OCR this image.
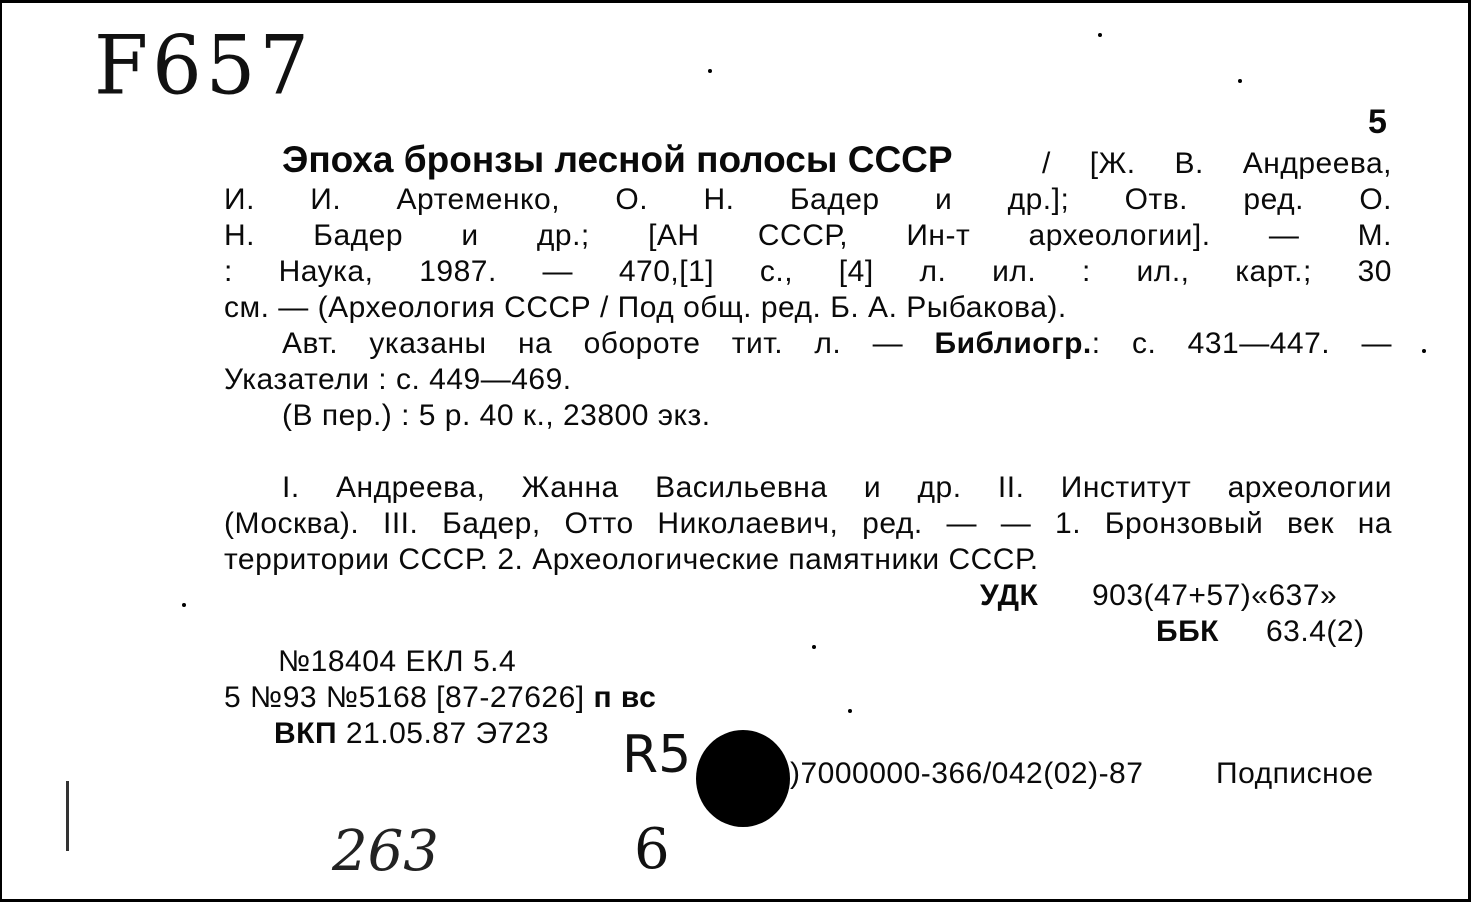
F657
5
Эпоха бронзы лесной полосы СССР	/ [Ж. В. Андреева,
И. И. Артеменко, О. Н. Бадер и др.]; Отв. ред. О.
Н. Бадер и др.; [АН СССР, Ин-т археологии]. — М.
: Наука, 1987. — 470,[1] с., [4] л. ил. : ил., карт.; 30
см. — (Археология СССР / Под общ. ред. Б. А. Рыбакова).
Авт. указаны на обороте тит. л. — Библиогр.: с. 431—447. —
Указатели : с. 449—469.
(В пер.) : 5 р. 40 к., 23800 экз.
I. Андреева, Жанна Васильевна и др. II. Институт археологии
(Москва). III. Бадер, Отто Николаевич, ред. — — 1. Бронзовый век на
территории СССР. 2. Археологические памятники СССР.
УДК 903(47+57)«637»
ББК 63.4(2)
№18404 ЕКЛ 5.4
5 №93 №5168 [87-27626] п вс
ВКП 21.05.87 Э723 R5	)7000000-366/042(02)-87 Подписное
263	6
